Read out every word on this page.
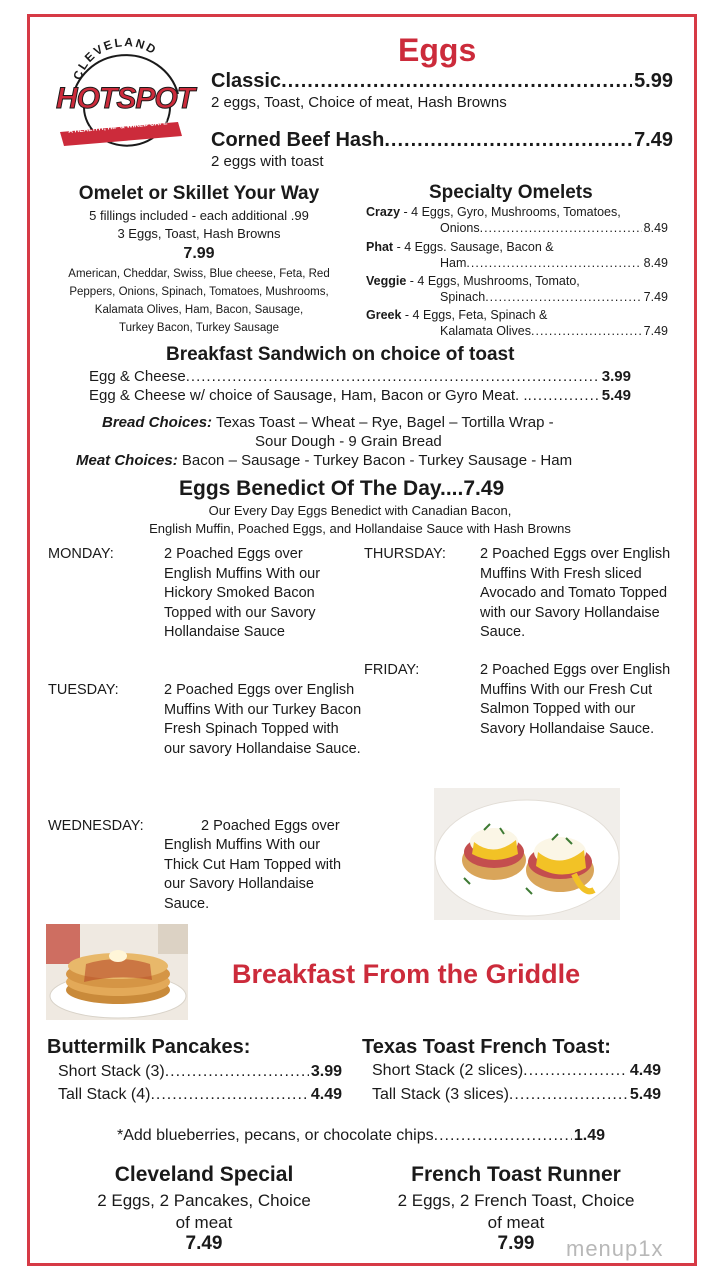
CLEVELAND
HOTSPOT
A HEALTHY, HIP & WIRED CAFE
Eggs
Classic .....	5.99
2 eggs, Toast, Choice of meat, Hash Browns
Corned Beef Hash .....	7.49
2 eggs with toast
Omelet or Skillet Your Way
5 fillings included - each additional .99
3 Eggs, Toast, Hash Browns
7.99
American, Cheddar, Swiss, Blue cheese, Feta, Red
Peppers, Onions, Spinach, Tomatoes, Mushrooms,
Kalamata Olives, Ham, Bacon, Sausage,
Turkey Bacon, Turkey Sausage
Specialty Omelets
Crazy - 4 Eggs, Gyro, Mushrooms, Tomatoes,
Onions .....	8.49
Phat - 4 Eggs. Sausage, Bacon &
Ham .....	8.49
Veggie - 4 Eggs, Mushrooms, Tomato,
Spinach .....	7.49
Greek - 4 Eggs, Feta, Spinach &
Kalamata Olives .....	7.49
Breakfast Sandwich on choice of toast
Egg & Cheese .....	3.99
Egg & Cheese w/ choice of Sausage, Ham, Bacon or Gyro Meat. . .....	5.49
Bread Choices: Texas Toast – Wheat – Rye, Bagel – Tortilla Wrap -
Sour Dough - 9 Grain Bread
Meat Choices: Bacon – Sausage - Turkey Bacon - Turkey Sausage - Ham
Eggs Benedict Of The Day....7.49
Our Every Day Eggs Benedict with Canadian Bacon,
English Muffin, Poached Eggs, and Hollandaise Sauce with Hash Browns
MONDAY:	2 Poached Eggs over English Muffins With our Hickory Smoked Bacon Topped with our Savory Hollandaise Sauce
TUESDAY:	2 Poached Eggs over English Muffins With our Turkey Bacon Fresh Spinach Topped with our savory Hollandaise Sauce.
WEDNESDAY:	2 Poached Eggs over
English Muffins With our Thick Cut Ham Topped with our Savory Hollandaise Sauce.
THURSDAY: 2 Poached Eggs over English Muffins With Fresh sliced Avocado and Tomato Topped with our Savory Hollandaise Sauce.
FRIDAY:	2 Poached Eggs over English Muffins With our Fresh Cut Salmon Topped with our Savory Hollandaise Sauce.
Breakfast From the Griddle
Buttermilk Pancakes:
Short Stack (3) .....	3.99
Tall Stack (4) .....	4.49
Texas Toast French Toast:
Short Stack (2 slices) .....	4.49
Tall Stack (3 slices) .....	5.49
*Add blueberries, pecans, or chocolate chips .....	1.49
Cleveland Special
2 Eggs, 2 Pancakes, Choice
of meat
7.49
French Toast Runner
2 Eggs, 2 French Toast, Choice
of meat
7.99	menup1x
